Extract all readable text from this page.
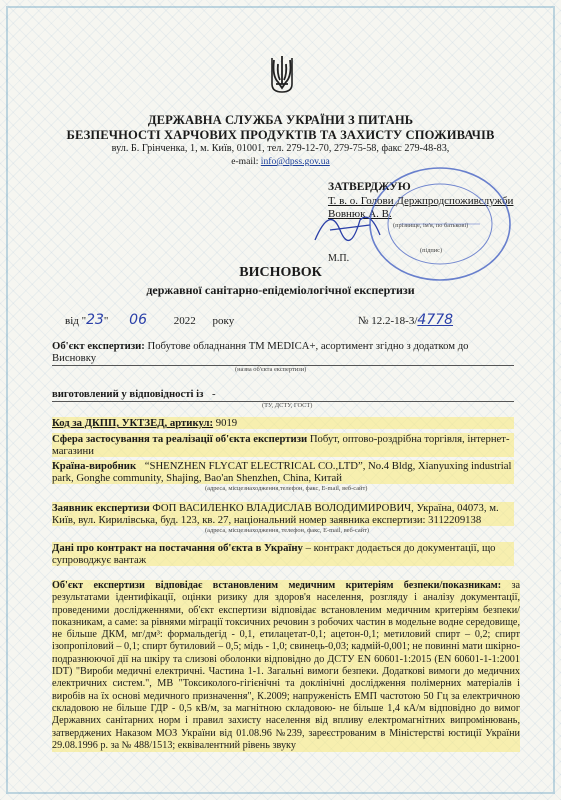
ДЕРЖАВНА СЛУЖБА УКРАЇНИ З ПИТАНЬ
БЕЗПЕЧНОСТІ ХАРЧОВИХ ПРОДУКТІВ ТА ЗАХИСТУ СПОЖИВАЧІВ
вул. Б. Грінченка, 1, м. Київ, 01001, тел. 279-12-70, 279-75-58, факс 279-48-83,
e-mail: info@dpss.gov.ua
ЗАТВЕРДЖУЮ
Т. в. о. Голови Держпродспоживслужби
Вовнюк А. В.
(прізвище, ім'я, по батькові)
(підпис)
М.П.
ВИСНОВОК
державної санітарно-епідеміологічної експертизи
від "23" 06 2022 року	№ 12.2-18-3/4778
Об'єкт експертизи: Побутове обладнання ТМ MEDICA+, асортимент згідно з додатком до Висновку
(назва об'єкта експертизи)
виготовлений у відповідності із -
(ТУ, ДСТУ, ГОСТ)
Код за ДКПП, УКТЗЕД, артикул: 9019
Сфера застосування та реалізації об'єкта експертизи Побут, оптово-роздрібна торгівля, інтернет-магазини
Країна-виробник “SHENZHEN FLYCAT ELECTRICAL CO.,LTD”, No.4 Bldg, Xianyuxing industrial park, Gonghe community, Shajing, Bao'an Shenzhen, China, Китай
(адреса, місцезнаходження,телефон, факс, E-mail, веб-сайт)
Заявник експертизи ФОП ВАСИЛЕНКО ВЛАДИСЛАВ ВОЛОДИМИРОВИЧ, Україна, 04073, м. Київ, вул. Кирилівська, буд. 123, кв. 27, національний номер заявника експертизи: 3112209138
(адреса, місцезнаходження, телефон, факс, E-mail, веб-сайт)
Дані про контракт на постачання об'єкта в Україну – контракт додається до документації, що супроводжує вантаж
Об'єкт експертизи відповідає встановленим медичним критеріям безпеки/показникам: за результатами ідентифікації, оцінки ризику для здоров'я населення, розгляду і аналізу документації, проведеними дослідженнями, об'єкт експертизи відповідає встановленим медичним критеріям безпеки/показникам, а саме: за рівнями міграції токсичних речовин з робочих частин в модельне водне середовище, не більше ДКМ, мг/дм³: формальдегід - 0,1, етилацетат-0,1; ацетон-0,1; метиловий спирт – 0,2; спирт ізопропіловий – 0,1; спирт бутиловий – 0,5; мідь - 1,0; свинець-0,03; кадмій-0,001; не повинні мати шкірно-подразнюючої дії на шкіру та слизові оболонки відповідно до ДСТУ EN 60601-1:2015 (EN 60601-1-1:2001 IDT) "Вироби медичні електричні. Частина 1-1. Загальні вимоги безпеки. Додаткові вимоги до медичних електричних систем.", МВ "Токсиколого-гігієнічні та доклінічні дослідження полімерних матеріалів і виробів на їх основі медичного призначення", К.2009; напруженість ЕМП частотою 50 Гц за електричною складовою не більше ГДР - 0,5 кВ/м, за магнітною складовою- не більше 1,4 кА/м відповідно до вимог Державних санітарних норм і правил захисту населення від впливу електромагнітних випромінювань, затверджених Наказом МОЗ України від 01.08.96 №239, зареєстрованим в Міністерстві юстиції України 29.08.1996 р. за № 488/1513; еквівалентний рівень звуку
